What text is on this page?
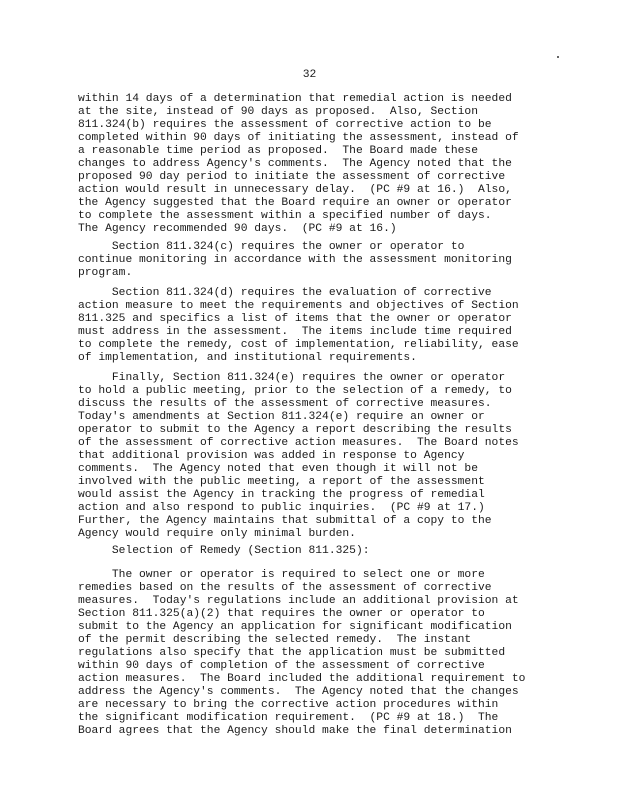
32
within 14 days of a determination that remedial action is needed
at the site, instead of 90 days as proposed.  Also, Section
811.324(b) requires the assessment of corrective action to be
completed within 90 days of initiating the assessment, instead of
a reasonable time period as proposed.  The Board made these
changes to address Agency's comments.  The Agency noted that the
proposed 90 day period to initiate the assessment of corrective
action would result in unnecessary delay.  (PC #9 at 16.)  Also,
the Agency suggested that the Board require an owner or operator
to complete the assessment within a specified number of days.
The Agency recommended 90 days.  (PC #9 at 16.)
Section 811.324(c) requires the owner or operator to
continue monitoring in accordance with the assessment monitoring
program.
Section 811.324(d) requires the evaluation of corrective
action measure to meet the requirements and objectives of Section
811.325 and specifics a list of items that the owner or operator
must address in the assessment.  The items include time required
to complete the remedy, cost of implementation, reliability, ease
of implementation, and institutional requirements.
Finally, Section 811.324(e) requires the owner or operator
to hold a public meeting, prior to the selection of a remedy, to
discuss the results of the assessment of corrective measures.
Today's amendments at Section 811.324(e) require an owner or
operator to submit to the Agency a report describing the results
of the assessment of corrective action measures.  The Board notes
that additional provision was added in response to Agency
comments.  The Agency noted that even though it will not be
involved with the public meeting, a report of the assessment
would assist the Agency in tracking the progress of remedial
action and also respond to public inquiries.  (PC #9 at 17.)
Further, the Agency maintains that submittal of a copy to the
Agency would require only minimal burden.
Selection of Remedy (Section 811.325):
The owner or operator is required to select one or more
remedies based on the results of the assessment of corrective
measures.  Today's regulations include an additional provision at
Section 811.325(a)(2) that requires the owner or operator to
submit to the Agency an application for significant modification
of the permit describing the selected remedy.  The instant
regulations also specify that the application must be submitted
within 90 days of completion of the assessment of corrective
action measures.  The Board included the additional requirement to
address the Agency's comments.  The Agency noted that the changes
are necessary to bring the corrective action procedures within
the significant modification requirement.  (PC #9 at 18.)  The
Board agrees that the Agency should make the final determination
